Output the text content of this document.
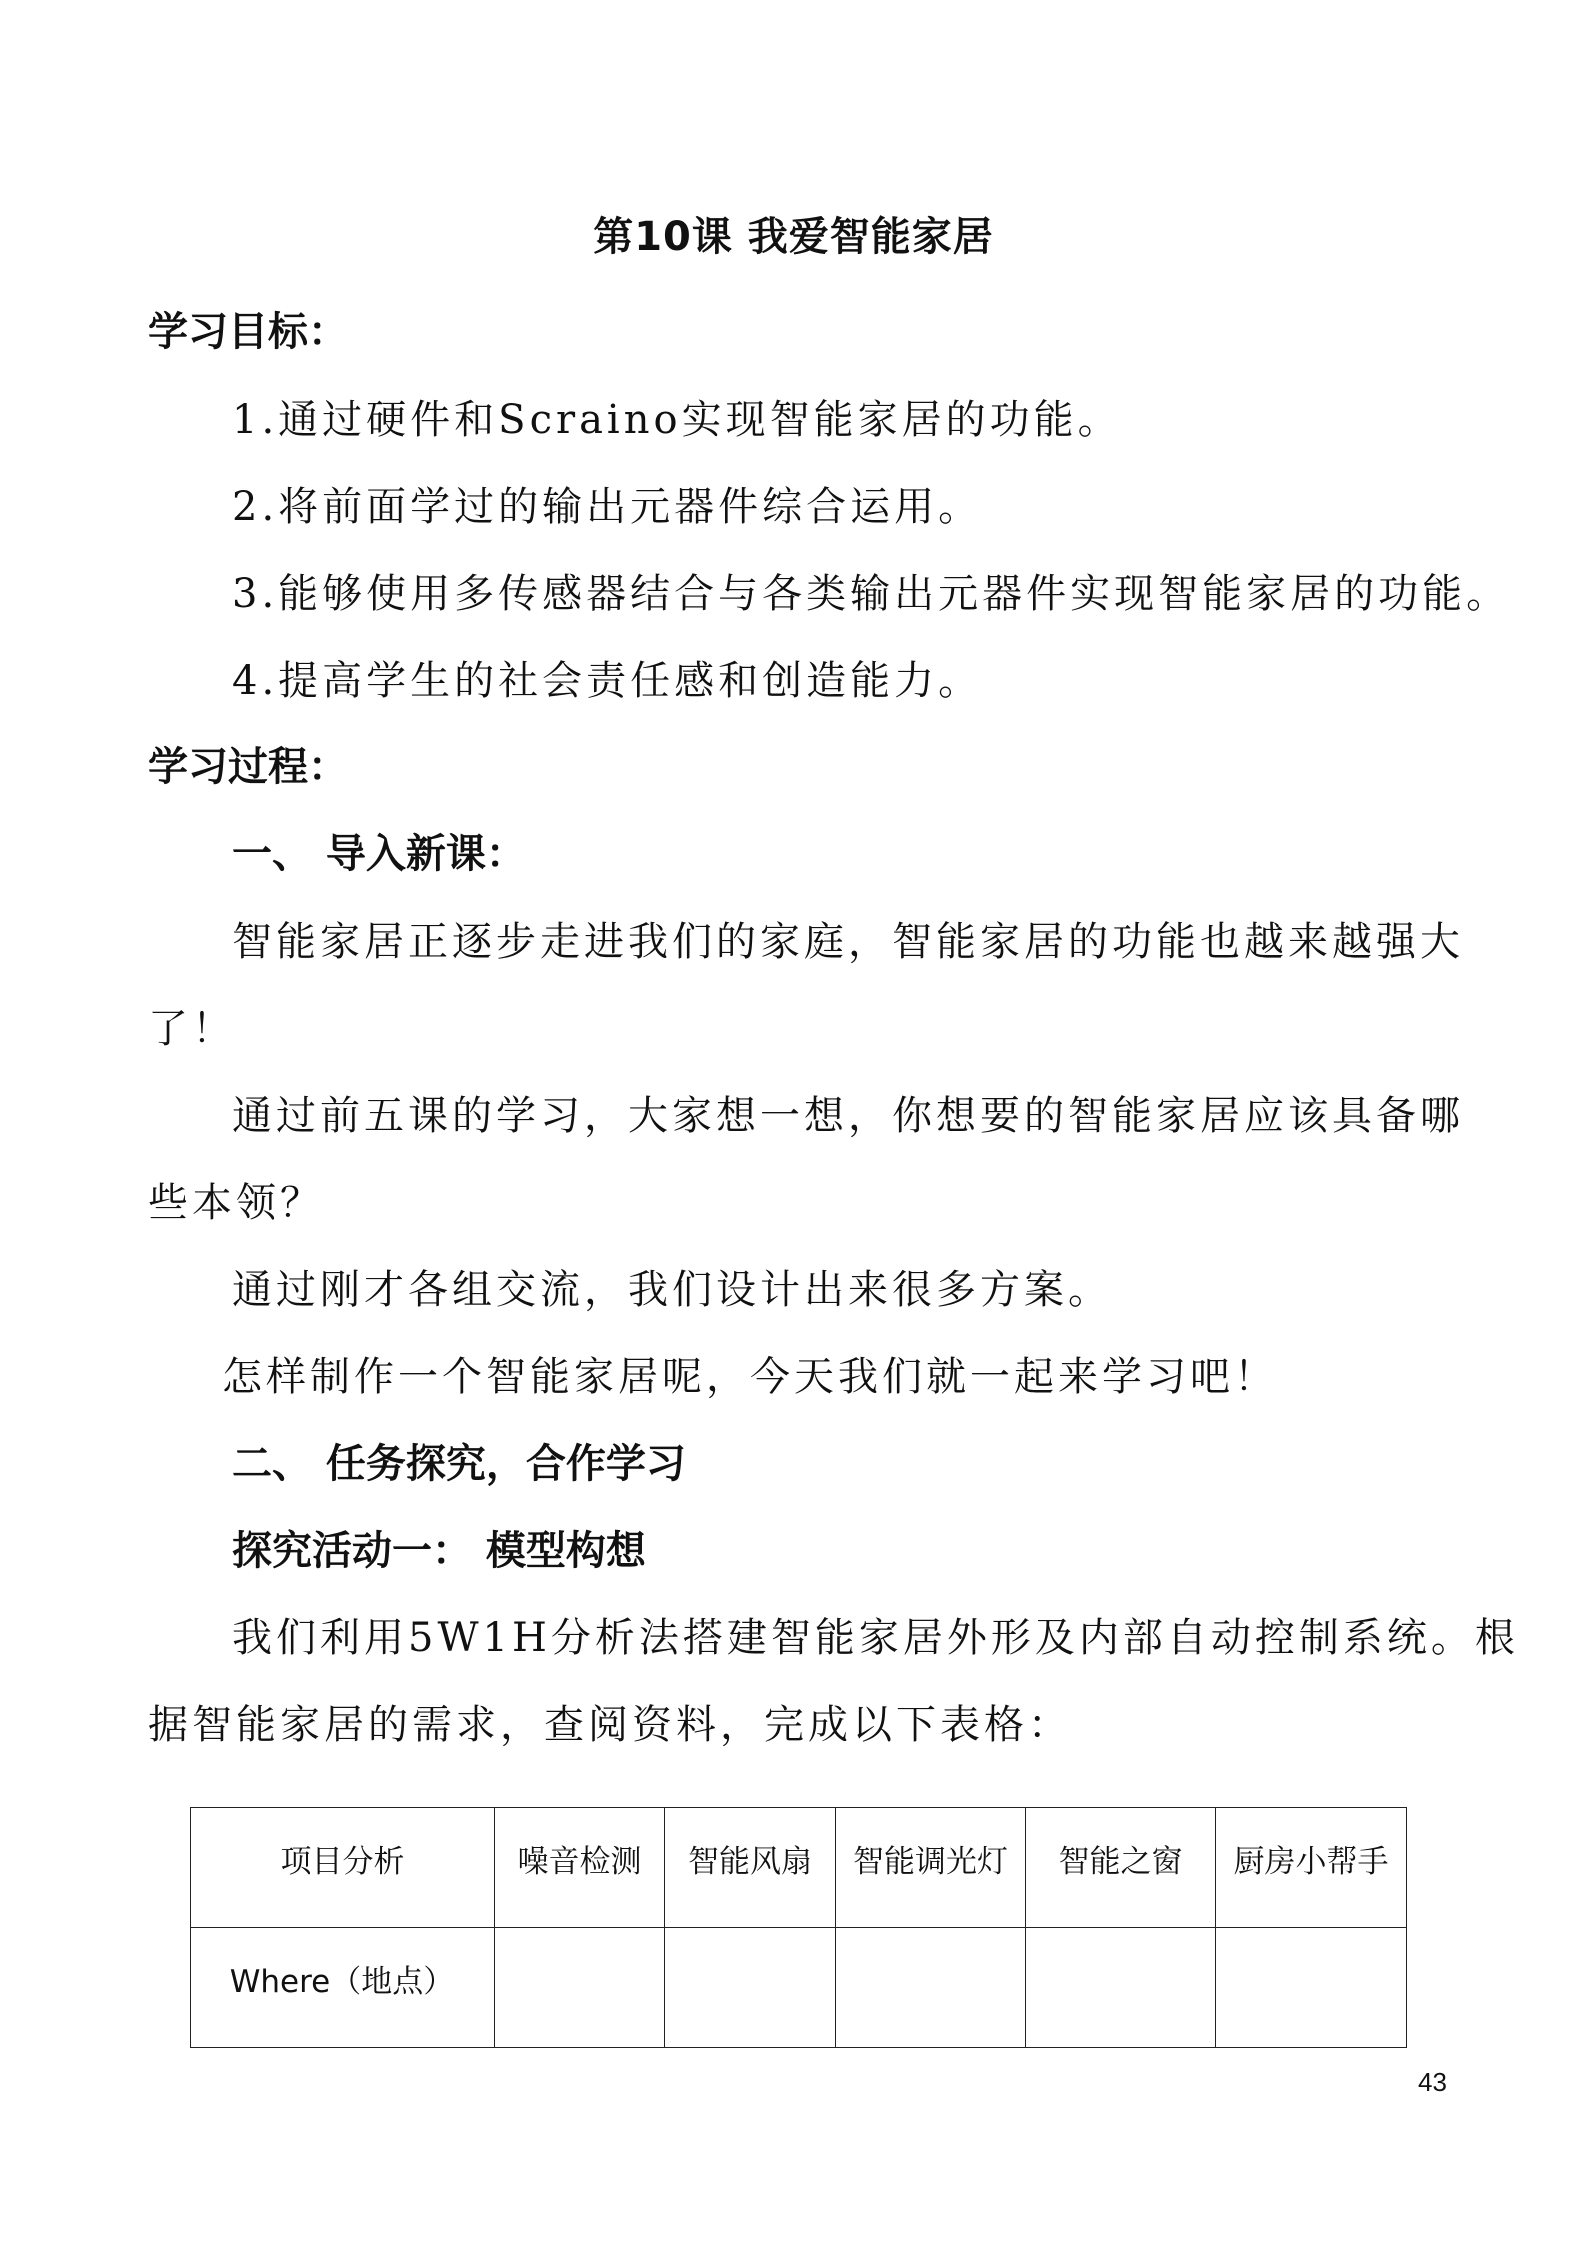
第10课 我爱智能家居
学习目标：
1.通过硬件和Scraino实现智能家居的功能。
2.将前面学过的输出元器件综合运用。
3.能够使用多传感器结合与各类输出元器件实现智能家居的功能。
4.提高学生的社会责任感和创造能力。
学习过程：
一、 导入新课：
智能家居正逐步走进我们的家庭，智能家居的功能也越来越强大
了！
通过前五课的学习，大家想一想，你想要的智能家居应该具备哪
些本领？
通过刚才各组交流，我们设计出来很多方案。
怎样制作一个智能家居呢，今天我们就一起来学习吧！
二、 任务探究，合作学习
探究活动一： 模型构想
我们利用5W1H分析法搭建智能家居外形及内部自动控制系统。根
据智能家居的需求，查阅资料，完成以下表格：
项目分析	噪音检测	智能风扇	智能调光灯	智能之窗	厨房小帮手
Where（地点）					
43
